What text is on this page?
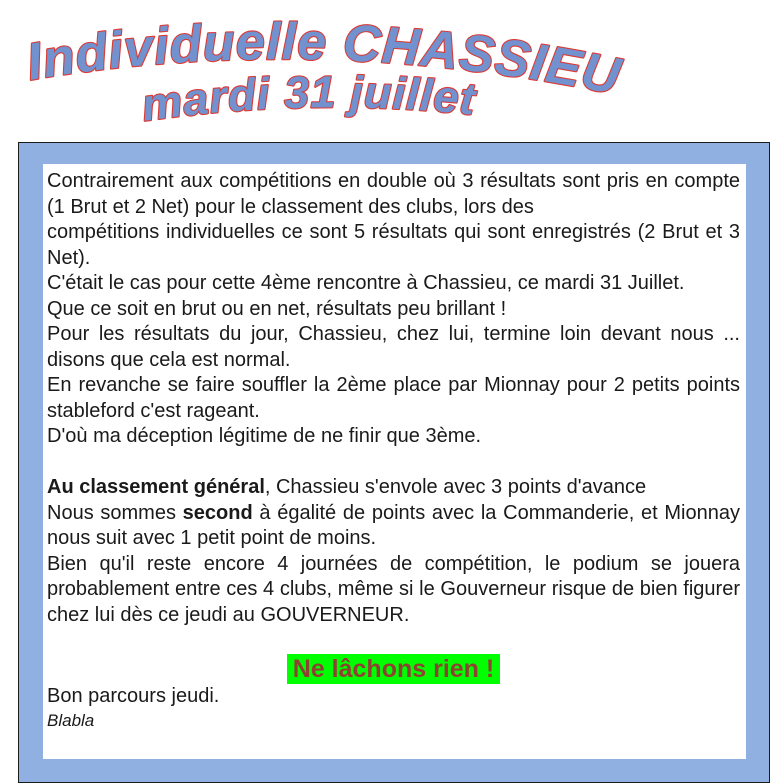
Individuelle CHASSIEU
mardi 31 juillet
Contrairement aux compétitions en double où 3 résultats sont pris en compte (1 Brut et 2 Net) pour le classement des clubs, lors des
compétitions individuelles ce sont 5 résultats qui sont enregistrés (2 Brut et 3 Net).
C'était le cas pour cette 4ème rencontre à Chassieu, ce mardi 31 Juillet.
Que ce soit en brut ou en net, résultats peu brillant !
Pour les résultats du jour, Chassieu, chez lui, termine loin devant nous ... disons que cela est normal.
En revanche se faire souffler la 2ème place par Mionnay pour 2 petits points stableford c'est rageant.
D'où ma déception légitime de ne finir que 3ème.
Au classement général, Chassieu s'envole avec 3 points d'avance
Nous sommes second à égalité de points avec la Commanderie, et Mionnay nous suit avec 1 petit point de moins.
Bien qu'il reste encore 4 journées de compétition, le podium se jouera probablement entre ces 4 clubs, même si le Gouverneur risque de bien figurer chez lui dès ce jeudi au GOUVERNEUR.
Ne lâchons rien !
Bon parcours jeudi.
Blabla
